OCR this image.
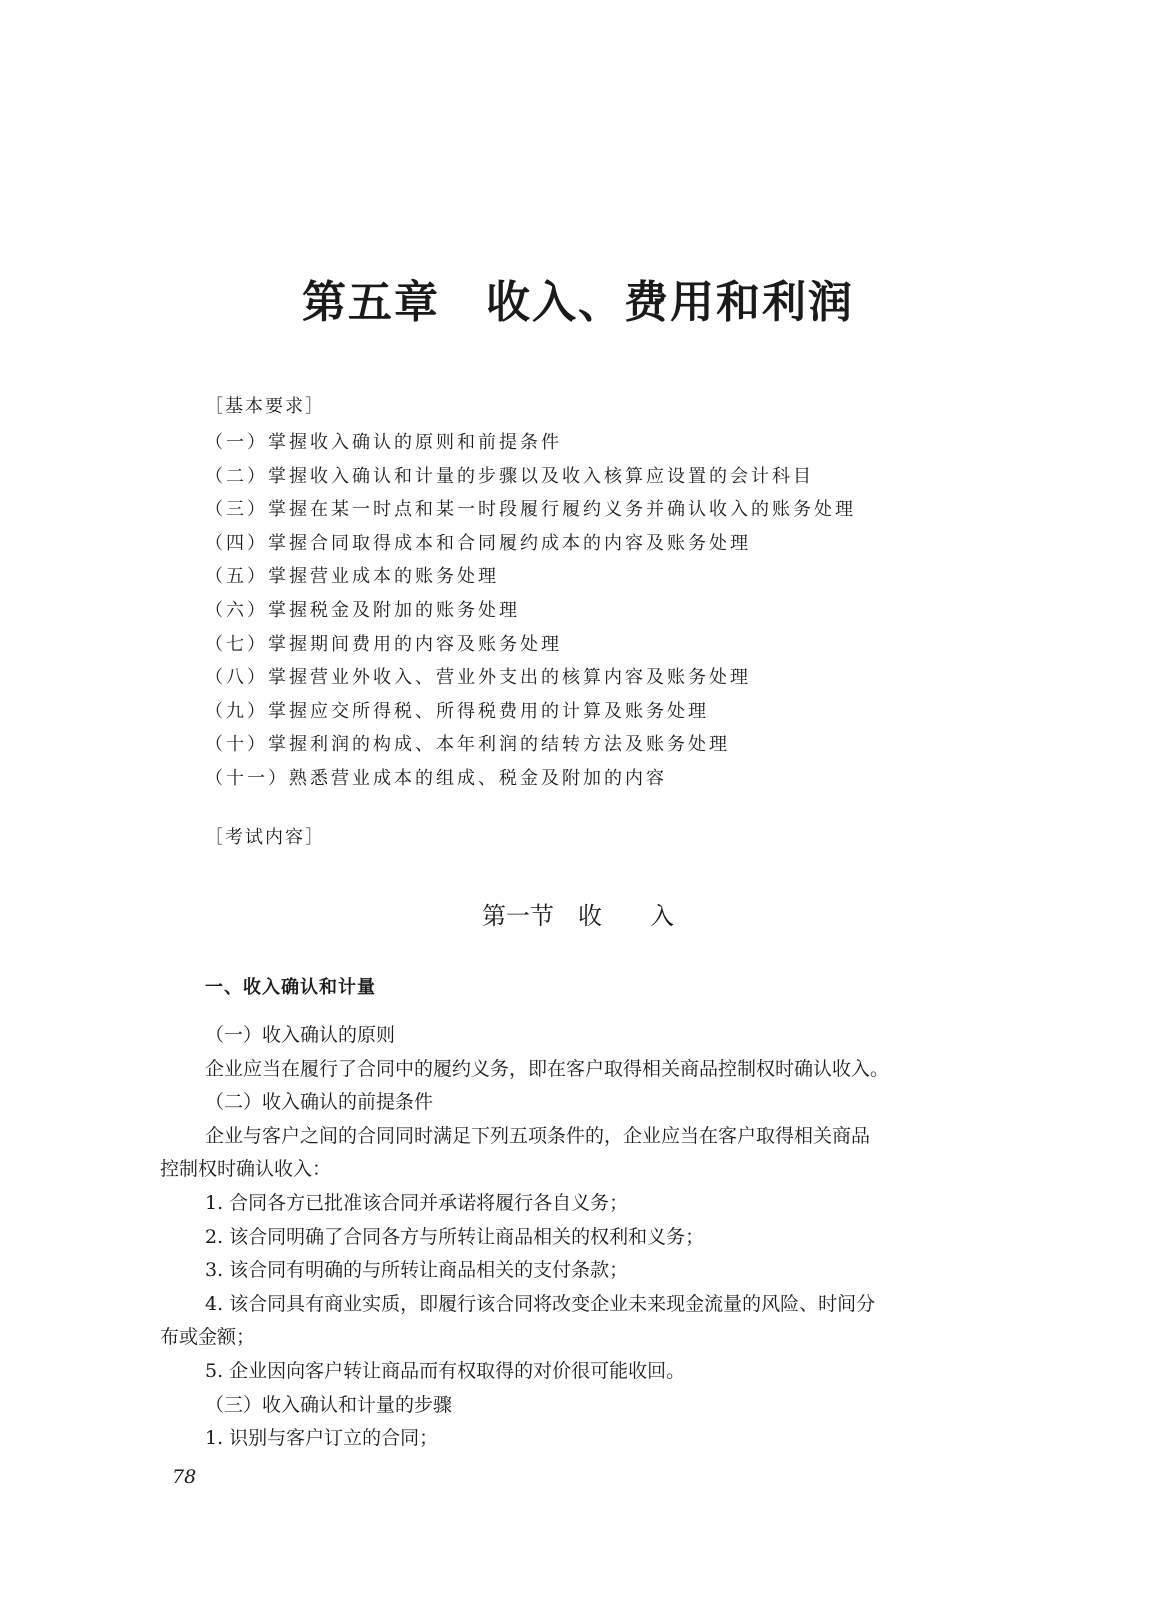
第五章　收入、费用和利润
［基本要求］
（一）掌握收入确认的原则和前提条件
（二）掌握收入确认和计量的步骤以及收入核算应设置的会计科目
（三）掌握在某一时点和某一时段履行履约义务并确认收入的账务处理
（四）掌握合同取得成本和合同履约成本的内容及账务处理
（五）掌握营业成本的账务处理
（六）掌握税金及附加的账务处理
（七）掌握期间费用的内容及账务处理
（八）掌握营业外收入、营业外支出的核算内容及账务处理
（九）掌握应交所得税、所得税费用的计算及账务处理
（十）掌握利润的构成、本年利润的结转方法及账务处理
（十一）熟悉营业成本的组成、税金及附加的内容
［考试内容］
第一节　收　　入
一、收入确认和计量
（一）收入确认的原则
企业应当在履行了合同中的履约义务，即在客户取得相关商品控制权时确认收入。
（二）收入确认的前提条件
企业与客户之间的合同同时满足下列五项条件的，企业应当在客户取得相关商品
控制权时确认收入：
1. 合同各方已批准该合同并承诺将履行各自义务；
2. 该合同明确了合同各方与所转让商品相关的权利和义务；
3. 该合同有明确的与所转让商品相关的支付条款；
4. 该合同具有商业实质，即履行该合同将改变企业未来现金流量的风险、时间分
布或金额；
5. 企业因向客户转让商品而有权取得的对价很可能收回。
（三）收入确认和计量的步骤
1. 识别与客户订立的合同；
78
